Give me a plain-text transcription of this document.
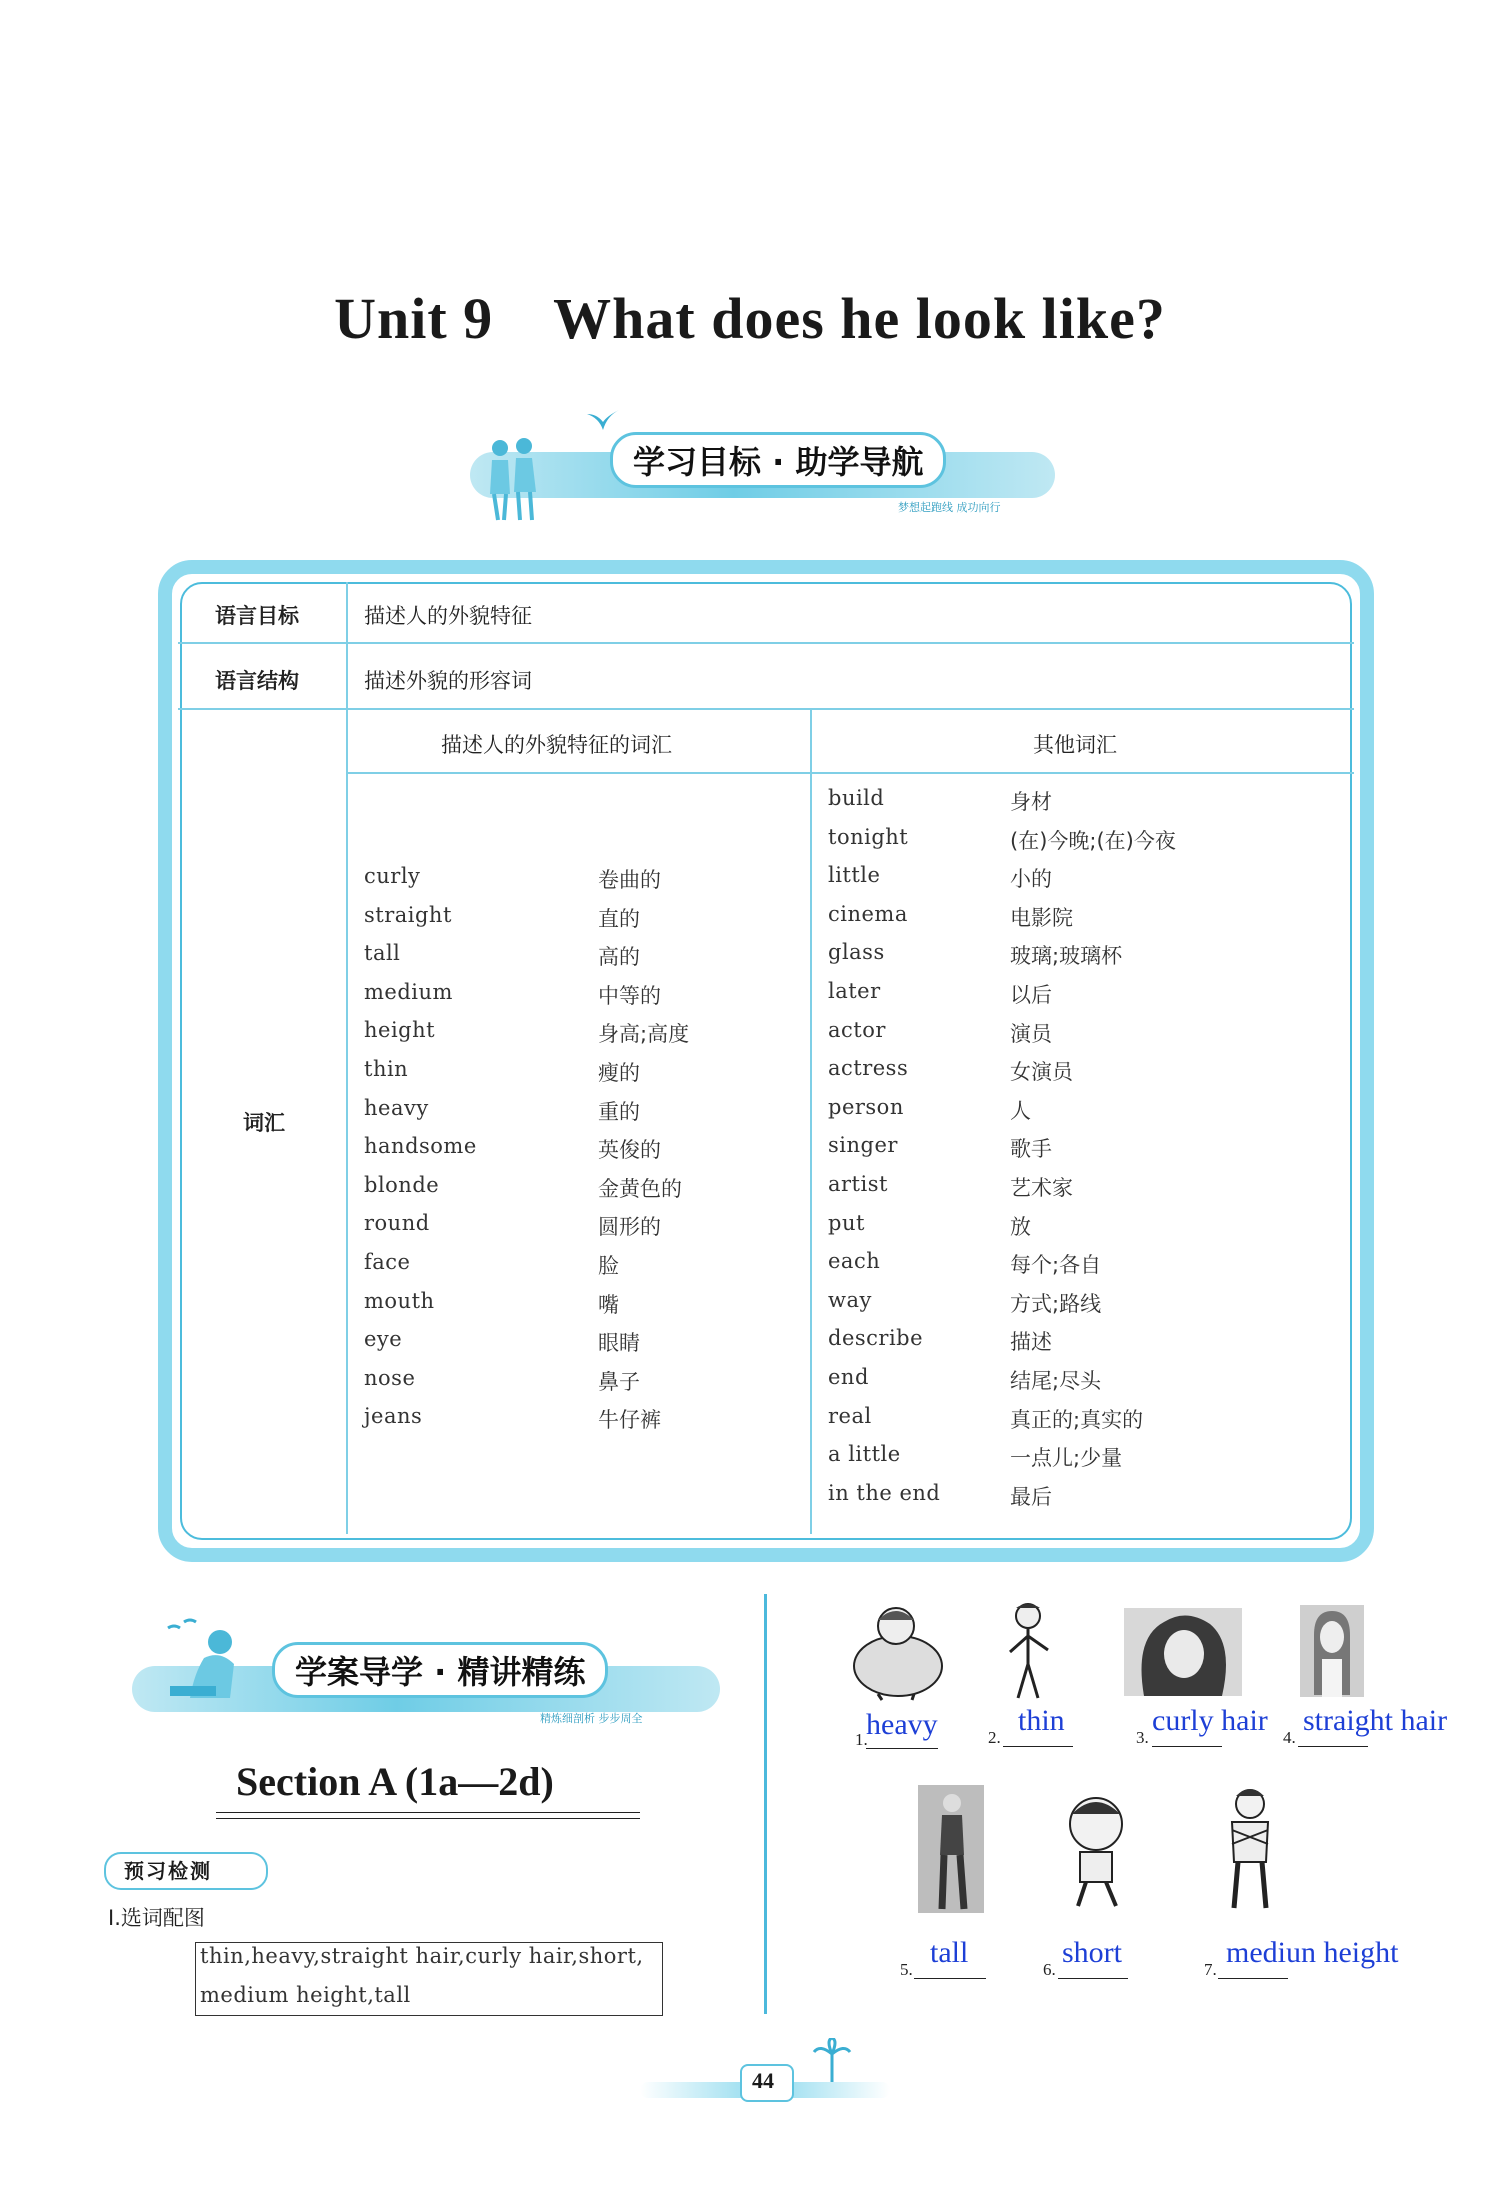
Unit 9 What does he look like?
学习目标 · 助学导航
梦想起跑线 成功向行
语言目标	描述人的外貌特征
语言结构	描述外貌的形容词
词汇
描述人的外貌特征的词汇	其他词汇
curly	卷曲的
straight	直的
tall	高的
medium	中等的
height	身高;高度
thin	瘦的
heavy	重的
handsome	英俊的
blonde	金黄色的
round	圆形的
face	脸
mouth	嘴
eye	眼睛
nose	鼻子
jeans	牛仔裤
build	身材
tonight	(在)今晚;(在)今夜
little	小的
cinema	电影院
glass	玻璃;玻璃杯
later	以后
actor	演员
actress	女演员
person	人
singer	歌手
artist	艺术家
put	放
each	每个;各自
way	方式;路线
describe	描述
end	结尾;尽头
real	真正的;真实的
a little	一点儿;少量
in the end	最后
学案导学 · 精讲精练
精炼细剖析 步步周全
Section A (1a—2d)
预习检测
Ⅰ.选词配图
thin,heavy,straight hair,curly hair,short,
medium height,tall
1.
heavy	2.
thin
3.
curly hair
4.
straight hair
5.
tall
6.
short
7.
mediun height
44
